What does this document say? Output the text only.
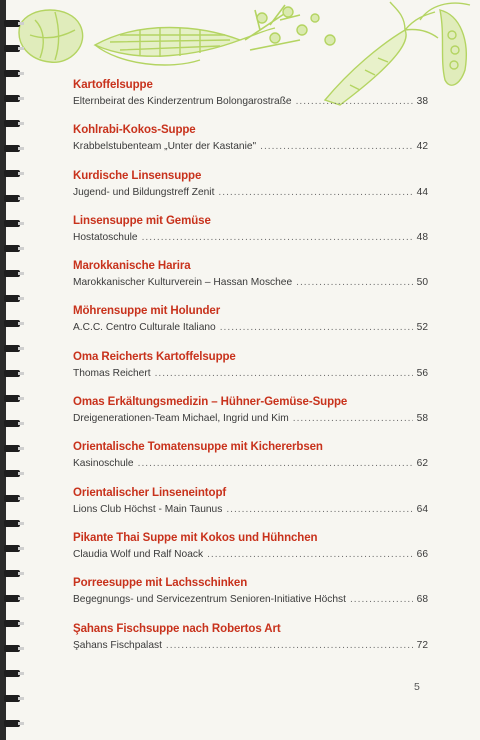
Kartoffelsuppe
Elternbeirat des Kinderzentrum Bolongarostraße .....	38
Kohlrabi-Kokos-Suppe
Krabbelstubenteam „Unter der Kastanie" .....	42
Kurdische Linsensuppe
Jugend- und Bildungstreff Zenit .....	44
Linsensuppe mit Gemüse
Hostatoschule .....	48
Marokkanische Harira
Marokkanischer Kulturverein – Hassan Moschee .....	50
Möhrensuppe mit Holunder
A.C.C. Centro Culturale Italiano .....	52
Oma Reicherts Kartoffelsuppe
Thomas Reichert .....	56
Omas Erkältungsmedizin – Hühner-Gemüse-Suppe
Dreigenerationen-Team Michael, Ingrid und Kim .....	58
Orientalische Tomatensuppe mit Kichererbsen
Kasinoschule .....	62
Orientalischer Linseneintopf
Lions Club Höchst - Main Taunus .....	64
Pikante Thai Suppe mit Kokos und Hühnchen
Claudia Wolf und Ralf Noack .....	66
Porreesuppe mit Lachsschinken
Begegnungs- und Servicezentrum Senioren-Initiative Höchst .....	68
Şahans Fischsuppe nach Robertos Art
Şahans Fischpalast .....	72
5
